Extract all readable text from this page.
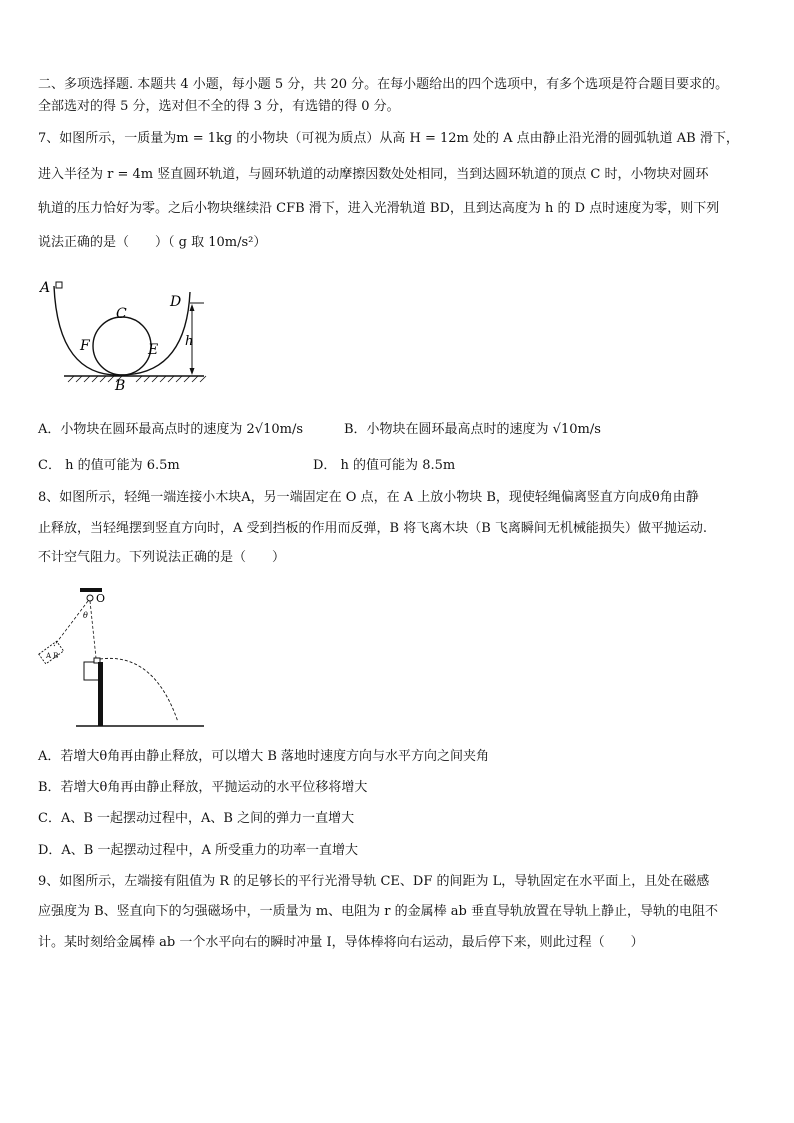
二、多项选择题. 本题共 4 小题，每小题 5 分，共 20 分。在每小题给出的四个选项中，有多个选项是符合题目要求的。
全部选对的得 5 分，选对但不全的得 3 分，有选错的得 0 分。
7、如图所示，一质量为m = 1kg 的小物块（可视为质点）从高 H = 12m 处的 A 点由静止沿光滑的圆弧轨道 AB 滑下，
进入半径为 r = 4m 竖直圆环轨道，与圆环轨道的动摩擦因数处处相同，当到达圆环轨道的顶点 C 时，小物块对圆环
轨道的压力恰好为零。之后小物块继续沿 CFB 滑下，进入光滑轨道 BD，且到达高度为 h 的 D 点时速度为零，则下列
说法正确的是（　　）（ g 取 10m/s²）
A
C
F	E
D
h
B
A．小物块在圆环最高点时的速度为 2√10m/s	B．小物块在圆环最高点时的速度为 √10m/s
C． h 的值可能为 6.5m	D． h 的值可能为 8.5m
8、如图所示，轻绳一端连接小木块A，另一端固定在 O 点，在 A 上放小物块 B，现使轻绳偏离竖直方向成θ角由静
止释放，当轻绳摆到竖直方向时，A 受到挡板的作用而反弹，B 将飞离木块（B 飞离瞬间无机械能损失）做平抛运动.
不计空气阻力。下列说法正确的是（　　）
O
θ
A B
A．若增大θ角再由静止释放，可以增大 B 落地时速度方向与水平方向之间夹角
B．若增大θ角再由静止释放，平抛运动的水平位移将增大
C．A、B 一起摆动过程中，A、B 之间的弹力一直增大
D．A、B 一起摆动过程中，A 所受重力的功率一直增大
9、如图所示，左端接有阻值为 R 的足够长的平行光滑导轨 CE、DF 的间距为 L，导轨固定在水平面上，且处在磁感
应强度为 B、竖直向下的匀强磁场中，一质量为 m、电阻为 r 的金属棒 ab 垂直导轨放置在导轨上静止，导轨的电阻不
计。某时刻给金属棒 ab 一个水平向右的瞬时冲量 I，导体棒将向右运动，最后停下来，则此过程（　　）
